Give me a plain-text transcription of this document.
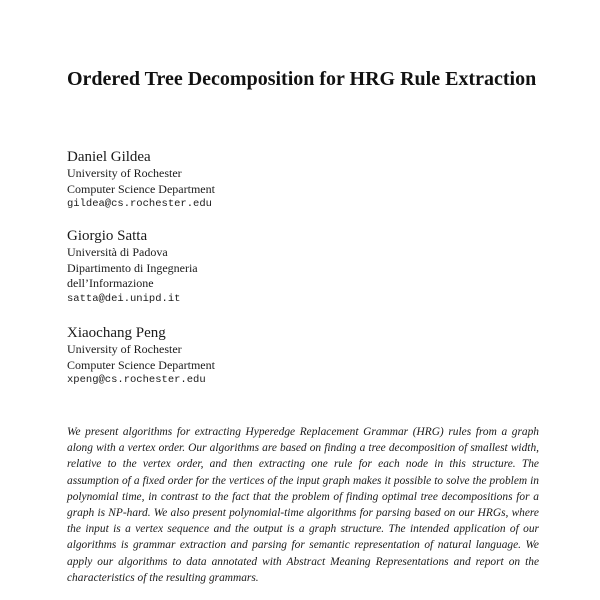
Ordered Tree Decomposition for HRG Rule Extraction

Daniel Gildea

University of Rochester

Computer Science Department

gildea@cs.rochester.edu

Giorgio Satta

Università di Padova

Dipartimento di Ingegneria

dell’Informazione

satta@dei.unipd.it

Xiaochang Peng

University of Rochester

Computer Science Department

xpeng@cs.rochester.edu

We present algorithms for extracting Hyperedge Replacement Grammar (HRG) rules from a graph along with a vertex order. Our algorithms are based on finding a tree decomposition of smallest width, relative to the vertex order, and then extracting one rule for each node in this structure. The assumption of a fixed order for the vertices of the input graph makes it possible to solve the problem in polynomial time, in contrast to the fact that the problem of finding optimal tree decompositions for a graph is NP-hard. We also present polynomial-time algorithms for parsing based on our HRGs, where the input is a vertex sequence and the output is a graph structure. The intended application of our algorithms is grammar extraction and parsing for semantic representation of natural language. We apply our algorithms to data annotated with Abstract Meaning Representations and report on the characteristics of the resulting grammars.
